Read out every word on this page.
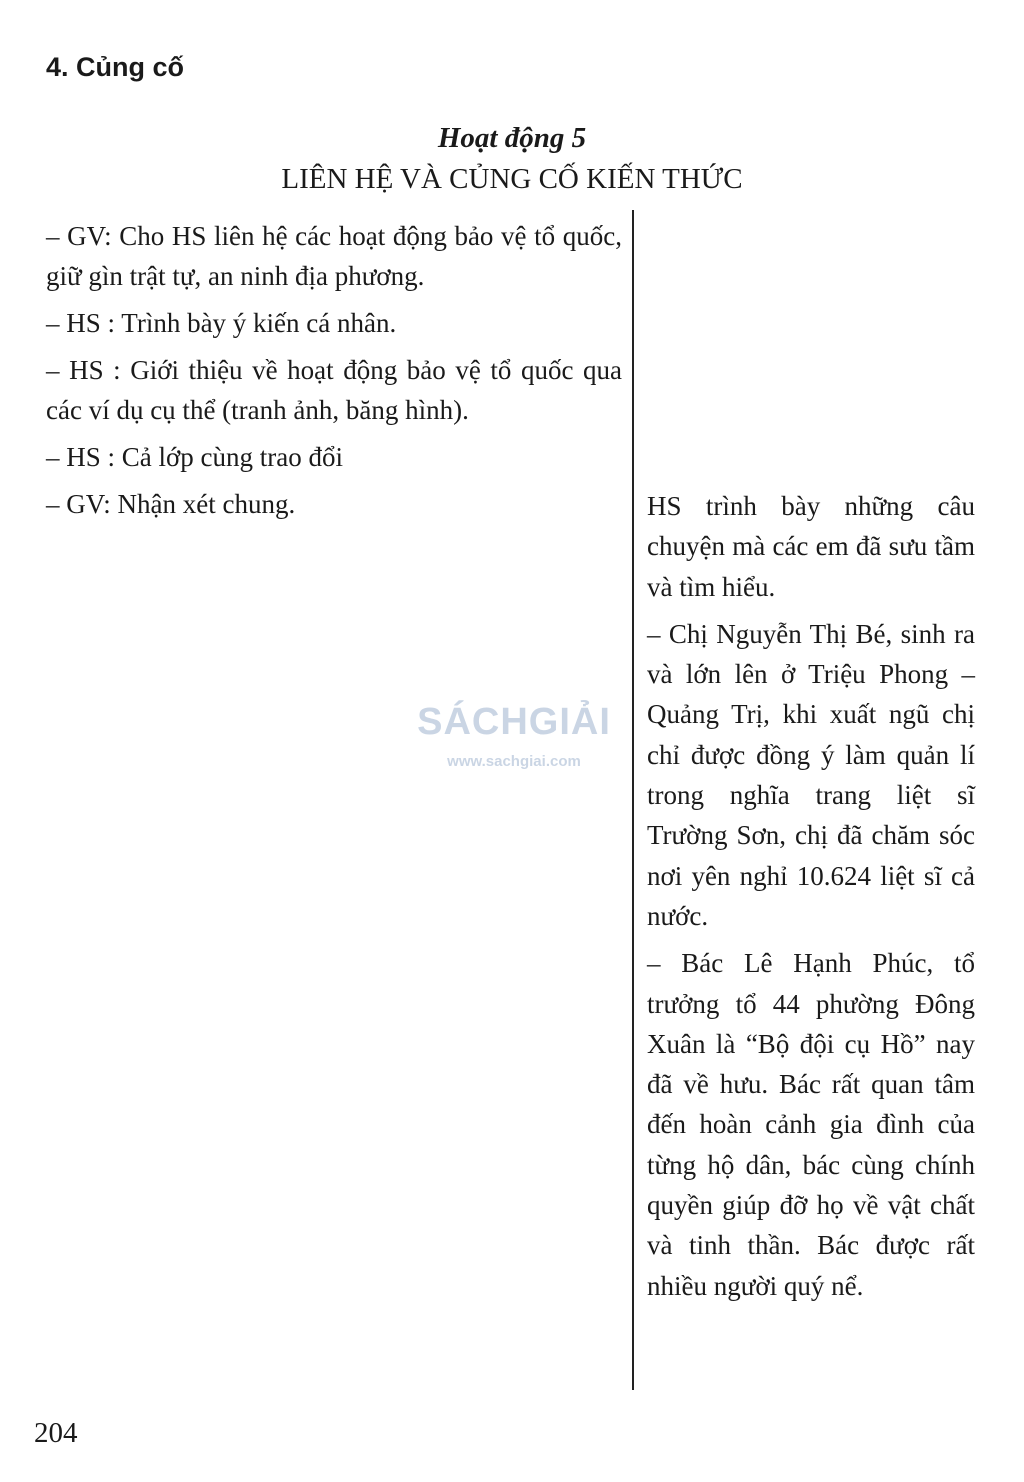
4. Củng cố
Hoạt động 5
LIÊN HỆ VÀ CỦNG CỐ KIẾN THỨC

– GV: Cho HS liên hệ các hoạt động bảo vệ tổ quốc, giữ gìn trật tự, an ninh địa phương.

– HS : Trình bày ý kiến cá nhân.

– HS : Giới thiệu về hoạt động bảo vệ tổ quốc qua các ví dụ cụ thể (tranh ảnh, băng hình).

– HS : Cả lớp cùng trao đổi

– GV: Nhận xét chung.	HS trình bày những câu chuyện mà các em đã sưu tầm và tìm hiểu.

– Chị Nguyễn Thị Bé, sinh ra và lớn lên ở Triệu Phong – Quảng Trị, khi xuất ngũ chị chỉ được đồng ý làm quản lí trong nghĩa trang liệt sĩ Trường Sơn, chị đã chăm sóc nơi yên nghỉ 10.624 liệt sĩ cả nước.

– Bác Lê Hạnh Phúc, tổ trưởng tổ 44 phường Đông Xuân là “Bộ đội cụ Hồ” nay đã về hưu. Bác rất quan tâm đến hoàn cảnh gia đình của từng hộ dân, bác cùng chính quyền giúp đỡ họ về vật chất và tinh thần. Bác được rất nhiều người quý nể.

SÁCHGIẢI
www.sachgiai.com
204
